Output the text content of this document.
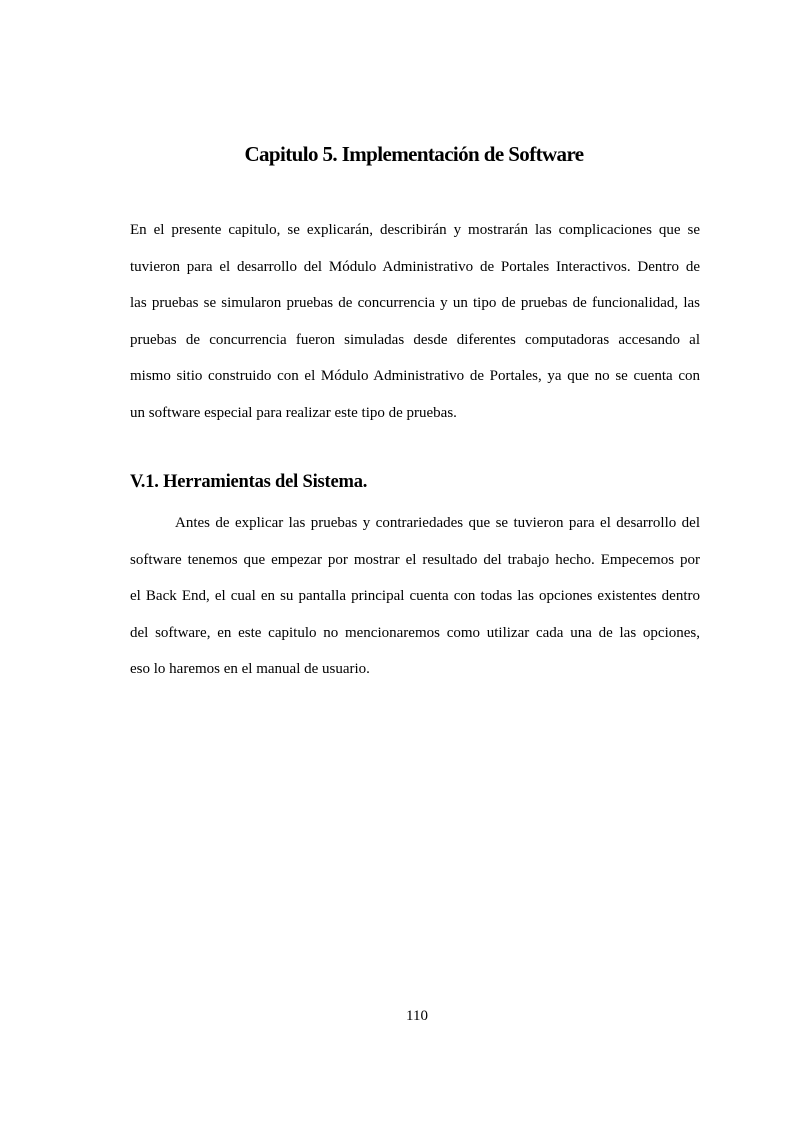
Capitulo 5. Implementación de Software
En el presente capitulo, se explicarán, describirán y mostrarán las complicaciones que se
tuvieron para el desarrollo del Módulo Administrativo de Portales Interactivos. Dentro de
las pruebas se simularon pruebas de concurrencia y un tipo de pruebas de funcionalidad, las
pruebas de concurrencia fueron simuladas desde diferentes computadoras accesando al
mismo sitio construido con el Módulo Administrativo de Portales, ya que no se cuenta con
un software especial para realizar este tipo de pruebas.
V.1. Herramientas del Sistema.
Antes de explicar las pruebas y contrariedades que se tuvieron para el desarrollo del
software tenemos que empezar por mostrar el resultado del trabajo hecho. Empecemos por
el Back End, el cual en su pantalla principal cuenta con todas las opciones existentes dentro
del software, en este capitulo no mencionaremos como utilizar cada una de las opciones,
eso lo haremos en el manual de usuario.

110
